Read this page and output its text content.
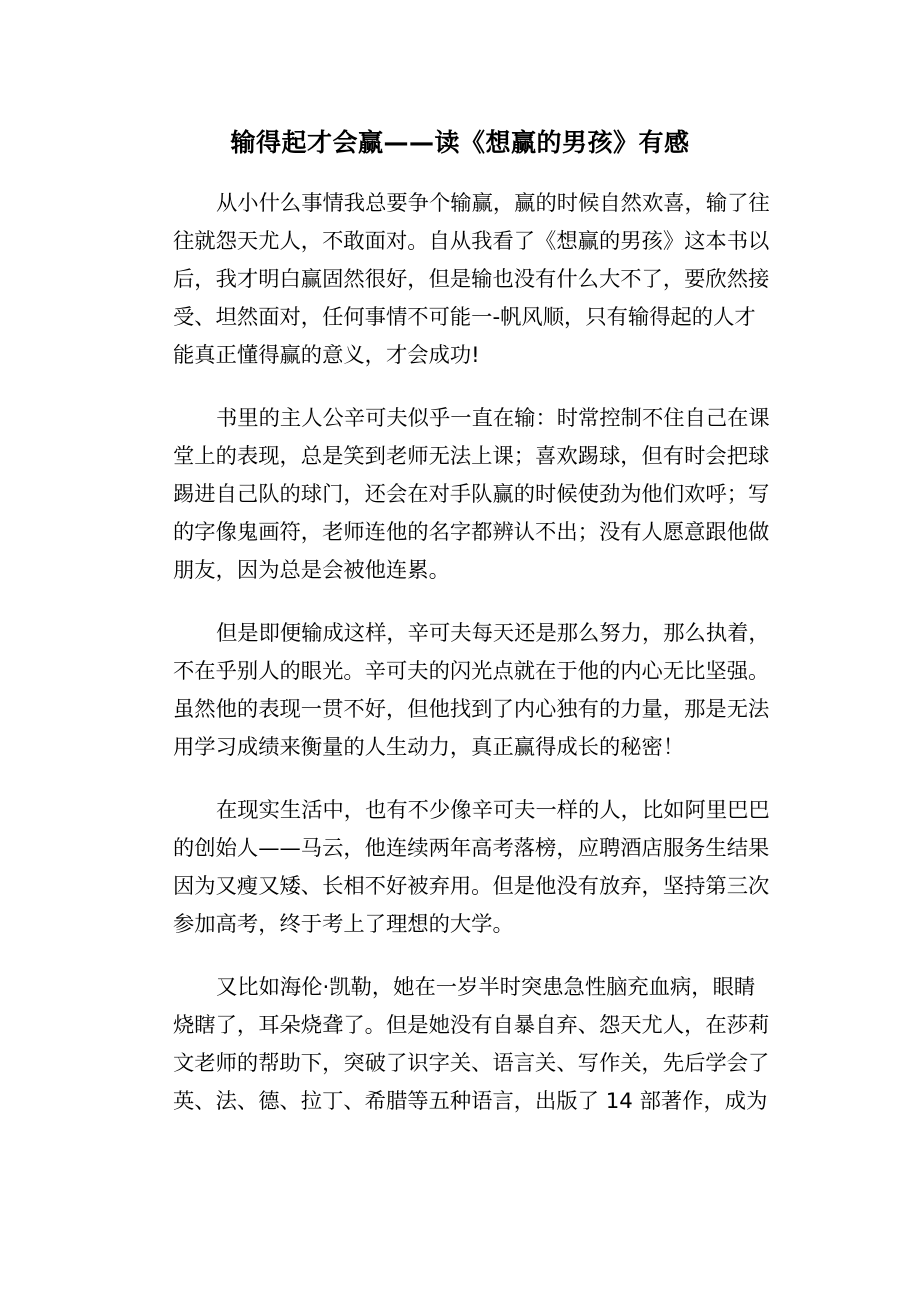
输得起才会赢——读《想赢的男孩》有感
从小什么事情我总要争个输赢，赢的时候自然欢喜，输了往
往就怨天尤人，不敢面对。自从我看了《想赢的男孩》这本书以
后，我才明白赢固然很好，但是输也没有什么大不了，要欣然接
受、坦然面对，任何事情不可能一-帆风顺，只有输得起的人才
能真正懂得赢的意义，才会成功!
书里的主人公辛可夫似乎一直在输：时常控制不住自己在课
堂上的表现，总是笑到老师无法上课；喜欢踢球，但有时会把球
踢进自己队的球门，还会在对手队赢的时候使劲为他们欢呼；写
的字像鬼画符，老师连他的名字都辨认不出；没有人愿意跟他做
朋友，因为总是会被他连累。
但是即便输成这样，辛可夫每天还是那么努力，那么执着，
不在乎别人的眼光。辛可夫的闪光点就在于他的内心无比坚强。
虽然他的表现一贯不好，但他找到了内心独有的力量，那是无法
用学习成绩来衡量的人生动力，真正赢得成长的秘密！
在现实生活中，也有不少像辛可夫一样的人，比如阿里巴巴
的创始人——马云，他连续两年高考落榜，应聘酒店服务生结果
因为又瘦又矮、长相不好被弃用。但是他没有放弃，坚持第三次
参加高考，终于考上了理想的大学。
又比如海伦·凯勒，她在一岁半时突患急性脑充血病，眼睛
烧瞎了，耳朵烧聋了。但是她没有自暴自弃、怨天尤人，在莎莉
文老师的帮助下，突破了识字关、语言关、写作关，先后学会了
英、法、德、拉丁、希腊等五种语言，出版了 14 部著作，成为
